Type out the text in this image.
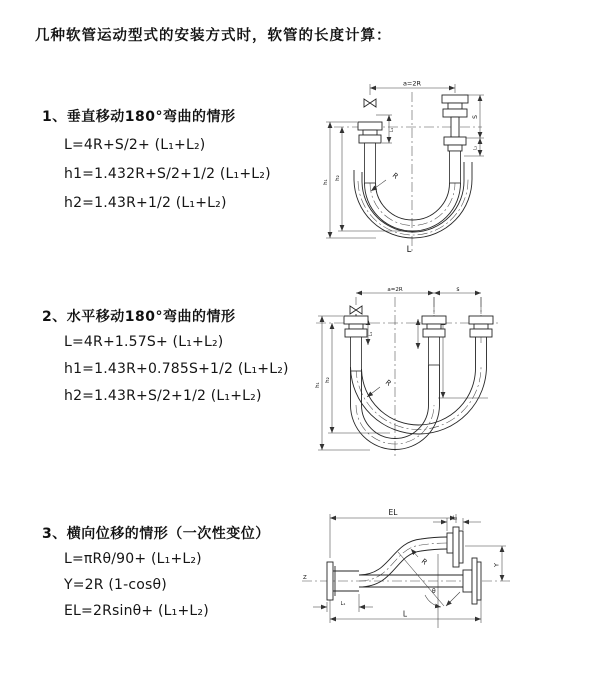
几种软管运动型式的安装方式时，软管的长度计算：
1、垂直移动180°弯曲的情形
L=4R+S/2+ (L₁+L₂)
h1=1.432R+S/2+1/2 (L₁+L₂)
h2=1.43R+1/2 (L₁+L₂)
2、水平移动180°弯曲的情形
L=4R+1.57S+ (L₁+L₂)
h1=1.43R+0.785S+1/2 (L₁+L₂)
h2=1.43R+S/2+1/2 (L₁+L₂)
3、横向位移的情形（一次性变位）
L=πRθ/90+ (L₁+L₂)
Y=2R (1-cosθ)
EL=2Rsinθ+ (L₁+L₂)
a=2R
h₁
h₂
L₁
S
L₂
R
L
a=2R	s
h₁
h₂
L₁
R
EL
L₂
L₁
Y
R
θ
L
Z
